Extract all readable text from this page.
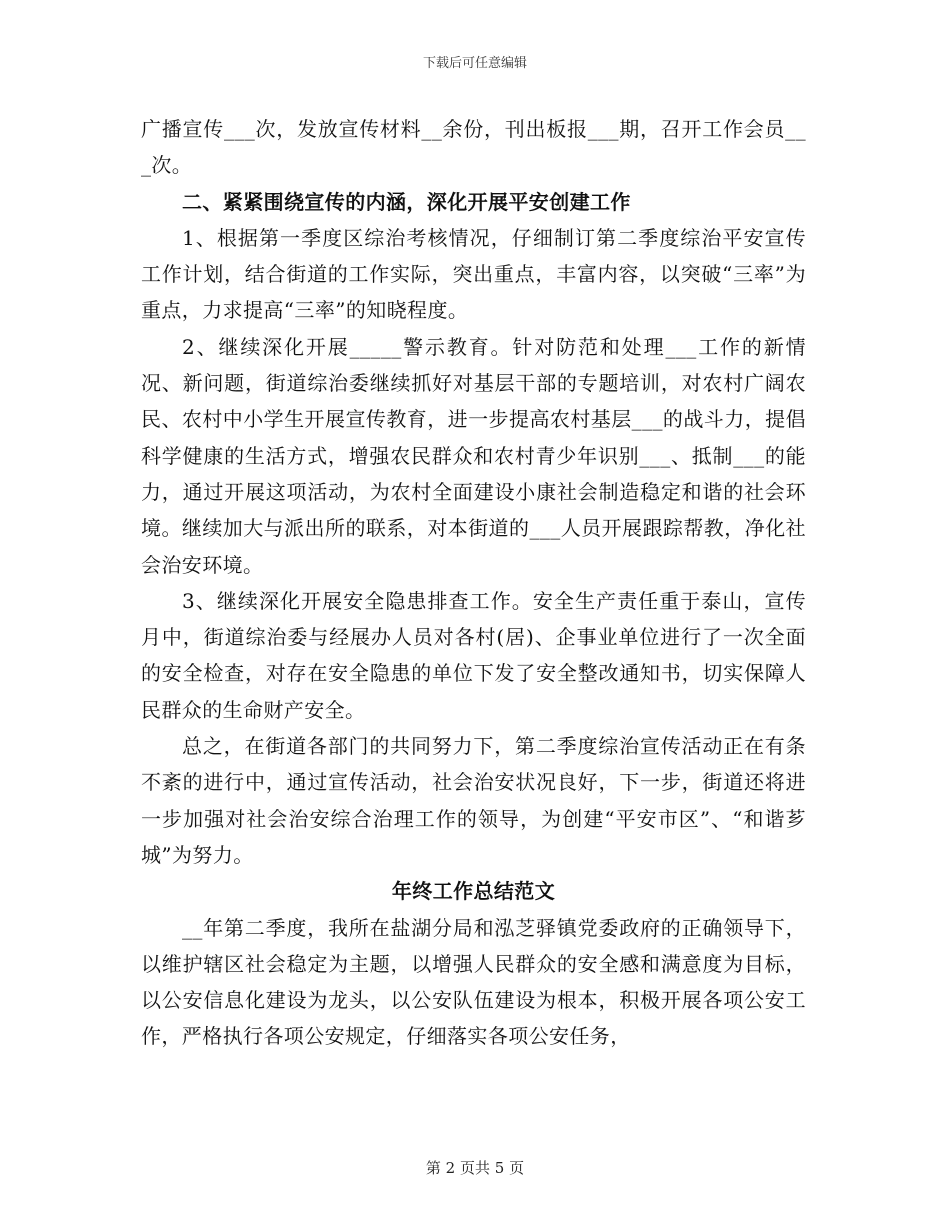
下载后可任意编辑

广播宣传___次，发放宣传材料__余份，刊出板报___期，召开工作会员___次。

二、紧紧围绕宣传的内涵，深化开展平安创建工作

1、根据第一季度区综治考核情况，仔细制订第二季度综治平安宣传工作计划，结合街道的工作实际，突出重点，丰富内容，以突破“三率”为重点，力求提高“三率”的知晓程度。

2、继续深化开展_____警示教育。针对防范和处理___工作的新情况、新问题，街道综治委继续抓好对基层干部的专题培训，对农村广阔农民、农村中小学生开展宣传教育，进一步提高农村基层___的战斗力，提倡科学健康的生活方式，增强农民群众和农村青少年识别___、抵制___的能力，通过开展这项活动，为农村全面建设小康社会制造稳定和谐的社会环境。继续加大与派出所的联系，对本街道的___人员开展跟踪帮教，净化社会治安环境。

3、继续深化开展安全隐患排查工作。安全生产责任重于泰山，宣传月中，街道综治委与经展办人员对各村(居)、企事业单位进行了一次全面的安全检查，对存在安全隐患的单位下发了安全整改通知书，切实保障人民群众的生命财产安全。

总之，在街道各部门的共同努力下，第二季度综治宣传活动正在有条不紊的进行中，通过宣传活动，社会治安状况良好，下一步，街道还将进一步加强对社会治安综合治理工作的领导，为创建“平安市区”、“和谐芗城”为努力。

年终工作总结范文

__年第二季度，我所在盐湖分局和泓芝驿镇党委政府的正确领导下，以维护辖区社会稳定为主题，以增强人民群众的安全感和满意度为目标，以公安信息化建设为龙头，以公安队伍建设为根本，积极开展各项公安工作，严格执行各项公安规定，仔细落实各项公安任务，

第 2 页共 5 页
